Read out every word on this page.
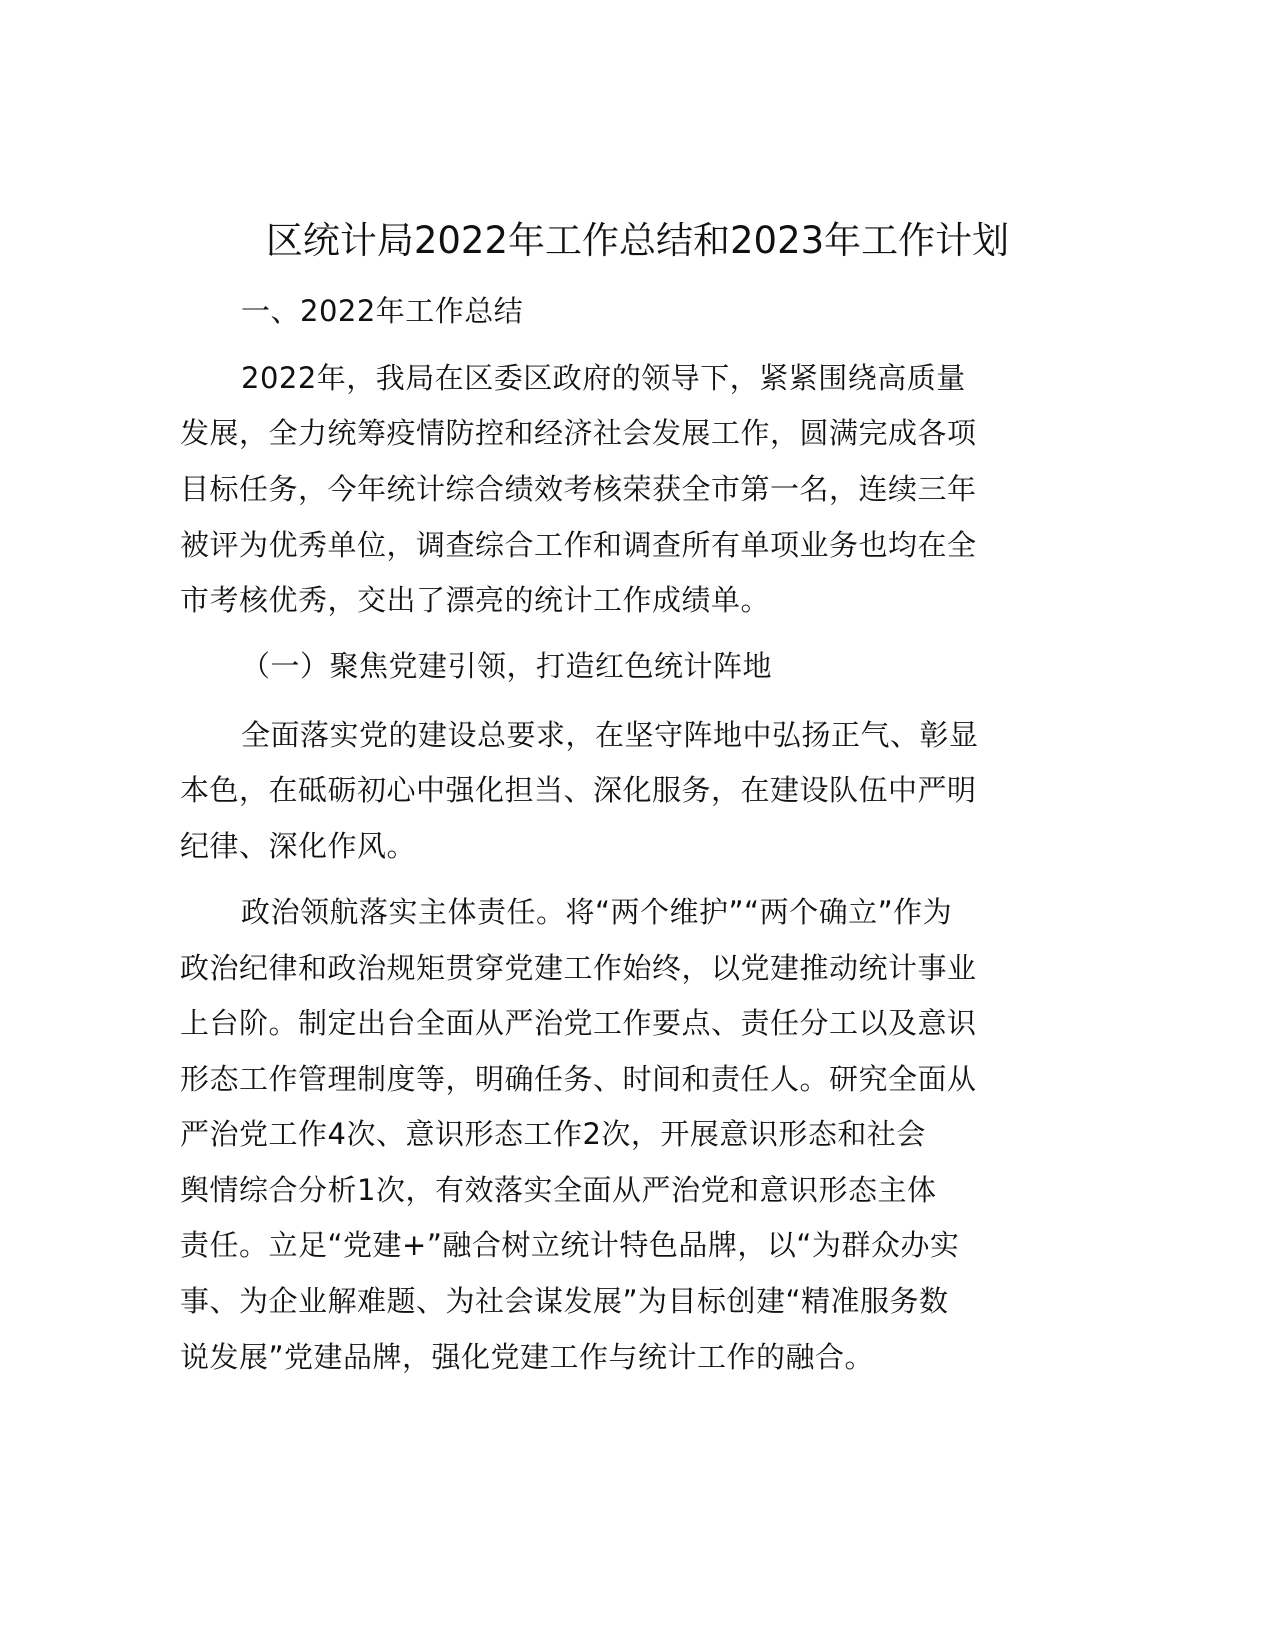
区统计局2022年工作总结和2023年工作计划
一、2022年工作总结
2022年，我局在区委区政府的领导下，紧紧围绕高质量
发展，全力统筹疫情防控和经济社会发展工作，圆满完成各项
目标任务，今年统计综合绩效考核荣获全市第一名，连续三年
被评为优秀单位，调查综合工作和调查所有单项业务也均在全
市考核优秀，交出了漂亮的统计工作成绩单。
（一）聚焦党建引领，打造红色统计阵地
全面落实党的建设总要求，在坚守阵地中弘扬正气、彰显
本色，在砥砺初心中强化担当、深化服务，在建设队伍中严明
纪律、深化作风。
政治领航落实主体责任。将“两个维护”“两个确立”作为
政治纪律和政治规矩贯穿党建工作始终，以党建推动统计事业
上台阶。制定出台全面从严治党工作要点、责任分工以及意识
形态工作管理制度等，明确任务、时间和责任人。研究全面从
严治党工作4次、意识形态工作2次，开展意识形态和社会
舆情综合分析1次，有效落实全面从严治党和意识形态主体
责任。立足“党建+”融合树立统计特色品牌，以“为群众办实
事、为企业解难题、为社会谋发展”为目标创建“精准服务数
说发展”党建品牌，强化党建工作与统计工作的融合。
